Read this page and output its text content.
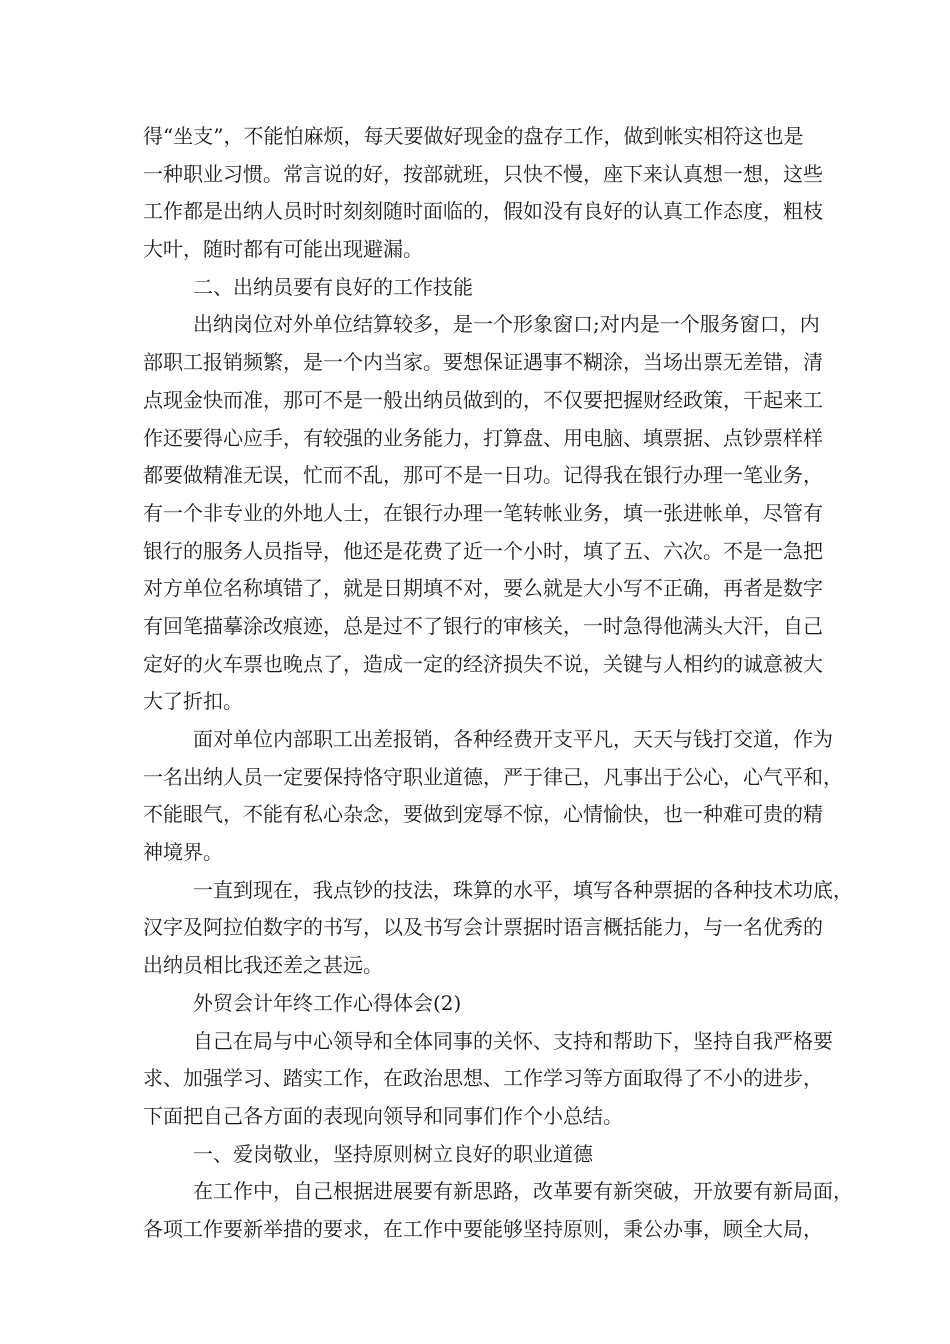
得“坐支”，不能怕麻烦，每天要做好现金的盘存工作，做到帐实相符这也是
一种职业习惯。常言说的好，按部就班，只快不慢，座下来认真想一想，这些
工作都是出纳人员时时刻刻随时面临的，假如没有良好的认真工作态度，粗枝
大叶，随时都有可能出现避漏。
二、出纳员要有良好的工作技能
出纳岗位对外单位结算较多，是一个形象窗口;对内是一个服务窗口，内
部职工报销频繁，是一个内当家。要想保证遇事不糊涂，当场出票无差错，清
点现金快而准，那可不是一般出纳员做到的，不仅要把握财经政策，干起来工
作还要得心应手，有较强的业务能力，打算盘、用电脑、填票据、点钞票样样
都要做精准无误，忙而不乱，那可不是一日功。记得我在银行办理一笔业务，
有一个非专业的外地人士，在银行办理一笔转帐业务，填一张进帐单，尽管有
银行的服务人员指导，他还是花费了近一个小时，填了五、六次。不是一急把
对方单位名称填错了，就是日期填不对，要么就是大小写不正确，再者是数字
有回笔描摹涂改痕迹，总是过不了银行的审核关，一时急得他满头大汗，自己
定好的火车票也晚点了，造成一定的经济损失不说，关键与人相约的诚意被大
大了折扣。
面对单位内部职工出差报销，各种经费开支平凡，天天与钱打交道，作为
一名出纳人员一定要保持恪守职业道德，严于律己，凡事出于公心，心气平和，
不能眼气，不能有私心杂念，要做到宠辱不惊，心情愉快，也一种难可贵的精
神境界。
一直到现在，我点钞的技法，珠算的水平，填写各种票据的各种技术功底，
汉字及阿拉伯数字的书写，以及书写会计票据时语言概括能力，与一名优秀的
出纳员相比我还差之甚远。
外贸会计年终工作心得体会(2)
自己在局与中心领导和全体同事的关怀、支持和帮助下，坚持自我严格要
求、加强学习、踏实工作，在政治思想、工作学习等方面取得了不小的进步，
下面把自己各方面的表现向领导和同事们作个小总结。
一、爱岗敬业，坚持原则树立良好的职业道德
在工作中，自己根据进展要有新思路，改革要有新突破，开放要有新局面，
各项工作要新举措的要求，在工作中要能够坚持原则，秉公办事，顾全大局，
